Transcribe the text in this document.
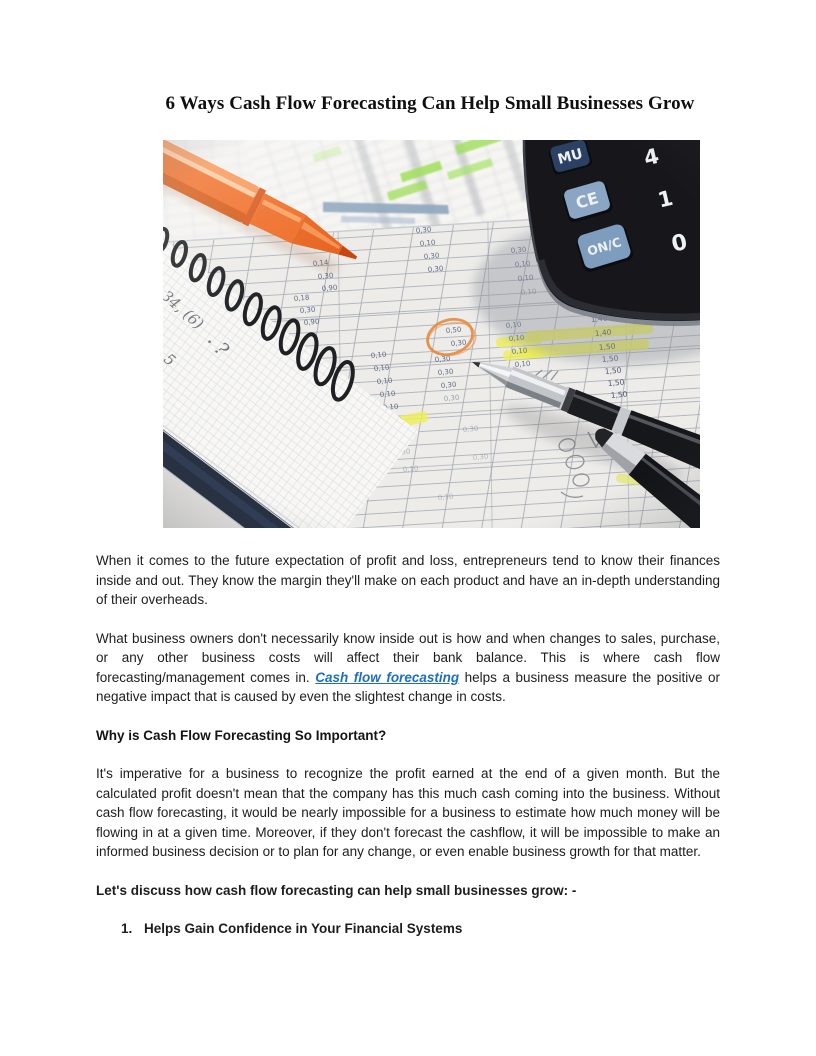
6 Ways Cash Flow Forecasting Can Help Small Businesses Grow

When it comes to the future expectation of profit and loss, entrepreneurs tend to know their finances inside and out. They know the margin they'll make on each product and have an in-depth understanding of their overheads.

What business owners don't necessarily know inside out is how and when changes to sales, purchase, or any other business costs will affect their bank balance. This is where cash flow forecasting/management comes in. Cash flow forecasting helps a business measure the positive or negative impact that is caused by even the slightest change in costs.

Why is Cash Flow Forecasting So Important?

It's imperative for a business to recognize the profit earned at the end of a given month. But the calculated profit doesn't mean that the company has this much cash coming into the business. Without cash flow forecasting, it would be nearly impossible for a business to estimate how much money will be flowing in at a given time. Moreover, if they don't forecast the cashflow, it will be impossible to make an informed business decision or to plan for any change, or even enable business growth for that matter.

Let's discuss how cash flow forecasting can help small businesses grow: -

1. Helps Gain Confidence in Your Financial Systems
